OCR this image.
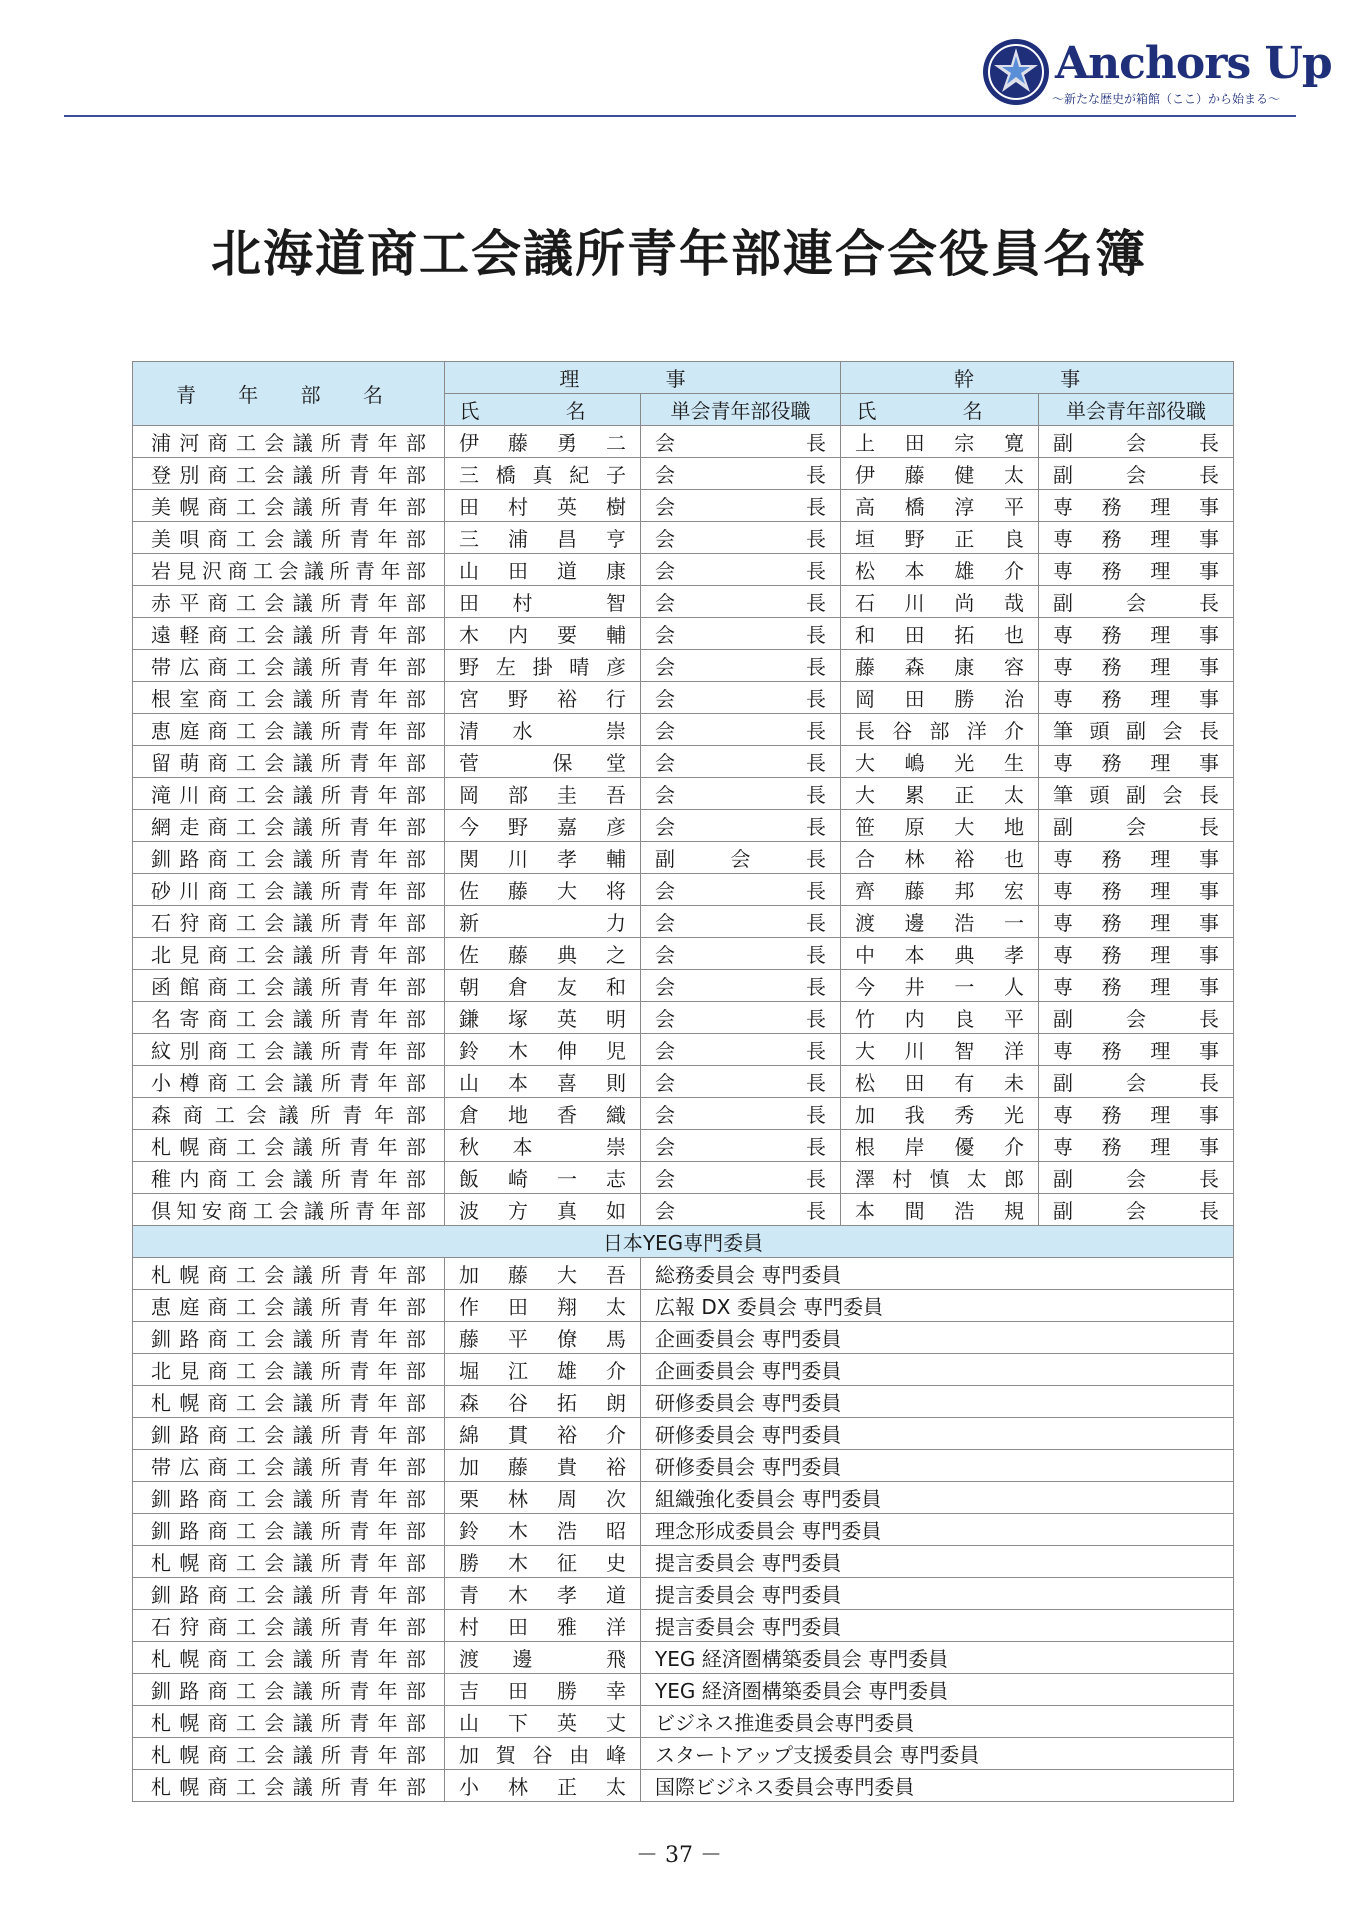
Anchors Up
〜新たな歴史が箱館（ここ）から始まる〜
北海道商工会議所青年部連合会役員名簿
青 年 部 名	理 事		幹 事	
	氏 名	単会青年部役職	氏 名	単会青年部役職
浦河商工会議所青年部	伊藤勇二	会長	上田宗寛	副会長
登別商工会議所青年部	三橋真紀子	会長	伊藤健太	副会長
美幌商工会議所青年部	田村英樹	会長	高橋淳平	専務理事
美唄商工会議所青年部	三浦昌亨	会長	垣野正良	専務理事
岩見沢商工会議所青年部	山田道康	会長	松本雄介	専務理事
赤平商工会議所青年部	田村 智	会長	石川尚哉	副会長
遠軽商工会議所青年部	木内要輔	会長	和田拓也	専務理事
帯広商工会議所青年部	野左掛晴彦	会長	藤森康容	専務理事
根室商工会議所青年部	宮野裕行	会長	岡田勝治	専務理事
恵庭商工会議所青年部	清水 崇	会長	長谷部洋介	筆頭副会長
留萌商工会議所青年部	菅 保堂	会長	大嶋光生	専務理事
滝川商工会議所青年部	岡部圭吾	会長	大累正太	筆頭副会長
網走商工会議所青年部	今野嘉彦	会長	笹原大地	副会長
釧路商工会議所青年部	関川孝輔	副会長	合林裕也	専務理事
砂川商工会議所青年部	佐藤大将	会長	齊藤邦宏	専務理事
石狩商工会議所青年部	新 力	会長	渡邊浩一	専務理事
北見商工会議所青年部	佐藤典之	会長	中本典孝	専務理事
函館商工会議所青年部	朝倉友和	会長	今井一人	専務理事
名寄商工会議所青年部	鎌塚英明	会長	竹内良平	副会長
紋別商工会議所青年部	鈴木伸児	会長	大川智洋	専務理事
小樽商工会議所青年部	山本喜則	会長	松田有未	副会長
森商工会議所青年部	倉地香織	会長	加我秀光	専務理事
札幌商工会議所青年部	秋本 崇	会長	根岸優介	専務理事
稚内商工会議所青年部	飯崎一志	会長	澤村慎太郎	副会長
倶知安商工会議所青年部	波方真如	会長	本間浩規	副会長
日本YEG専門委員				
札幌商工会議所青年部	加藤大吾	総務委員会 専門委員		
恵庭商工会議所青年部	作田翔太	広報 DX 委員会 専門委員		
釧路商工会議所青年部	藤平僚馬	企画委員会 専門委員		
北見商工会議所青年部	堀江雄介	企画委員会 専門委員		
札幌商工会議所青年部	森谷拓朗	研修委員会 専門委員		
釧路商工会議所青年部	綿貫裕介	研修委員会 専門委員		
帯広商工会議所青年部	加藤貴裕	研修委員会 専門委員		
釧路商工会議所青年部	栗林周次	組織強化委員会 専門委員		
釧路商工会議所青年部	鈴木浩昭	理念形成委員会 専門委員		
札幌商工会議所青年部	勝木征史	提言委員会 専門委員		
釧路商工会議所青年部	青木孝道	提言委員会 専門委員		
石狩商工会議所青年部	村田雅洋	提言委員会 専門委員		
札幌商工会議所青年部	渡邊 飛	YEG 経済圏構築委員会 専門委員		
釧路商工会議所青年部	吉田勝幸	YEG 経済圏構築委員会 専門委員		
札幌商工会議所青年部	山下英丈	ビジネス推進委員会専門委員		
札幌商工会議所青年部	加賀谷由峰	スタートアップ支援委員会 専門委員		
札幌商工会議所青年部	小林正太	国際ビジネス委員会専門委員		
－ 37 －
